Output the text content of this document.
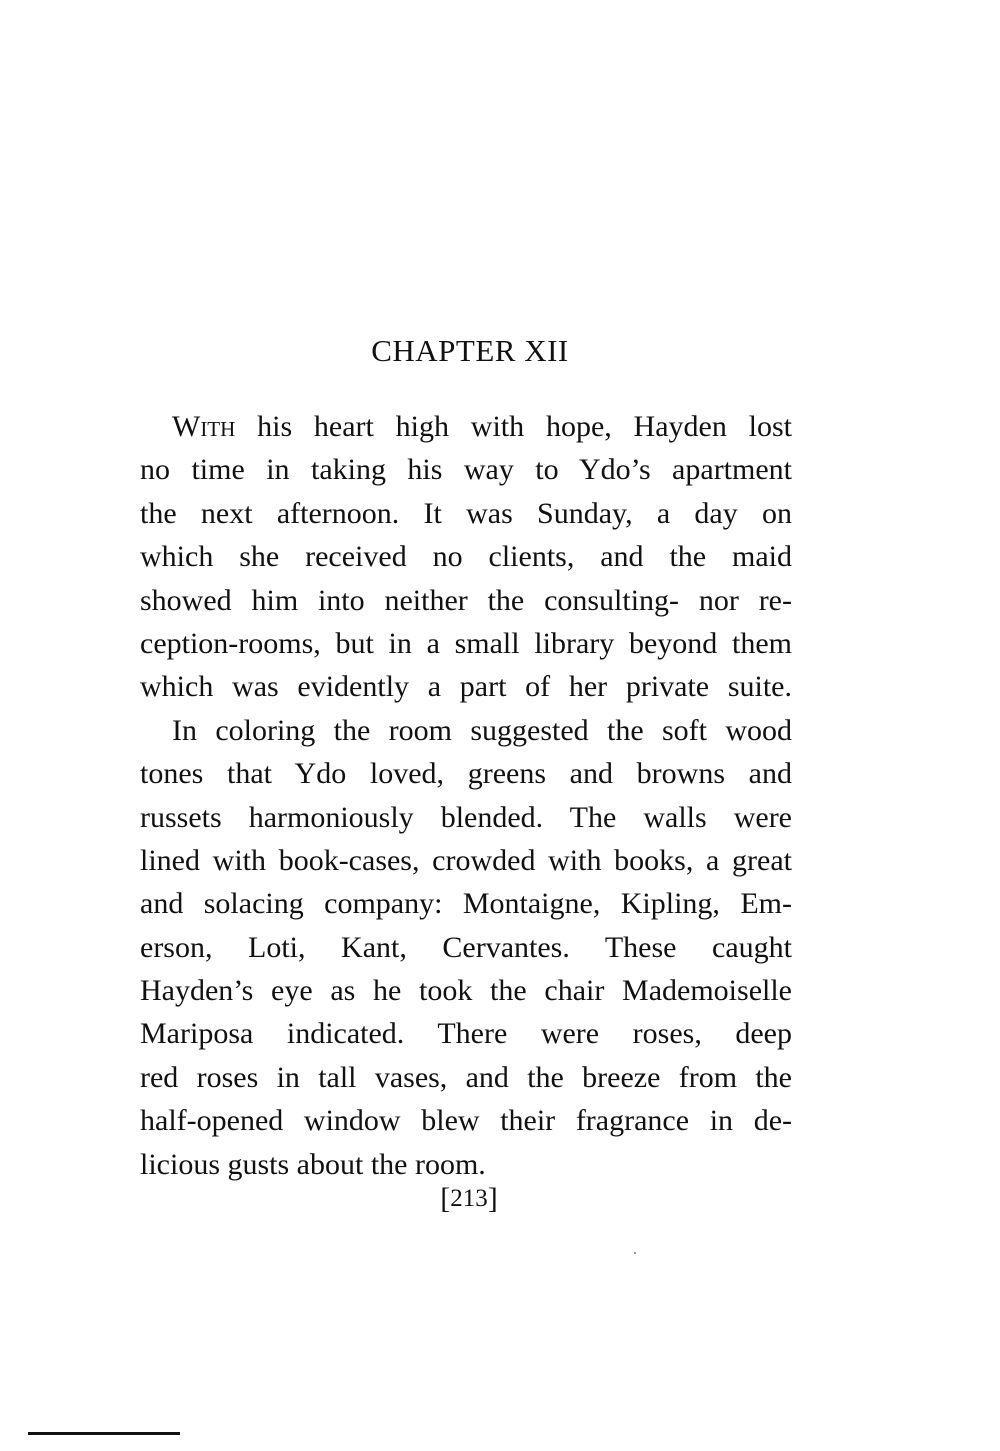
CHAPTER XII
With his heart high with hope, Hayden lost
no time in taking his way to Ydo’s apartment
the next afternoon. It was Sunday, a day on
which she received no clients, and the maid
showed him into neither the consulting- nor re-
ception-rooms, but in a small library beyond them
which was evidently a part of her private suite.
In coloring the room suggested the soft wood
tones that Ydo loved, greens and browns and
russets harmoniously blended. The walls were
lined with book-cases, crowded with books, a great
and solacing company: Montaigne, Kipling, Em-
erson, Loti, Kant, Cervantes. These caught
Hayden’s eye as he took the chair Mademoiselle
Mariposa indicated. There were roses, deep
red roses in tall vases, and the breeze from the
half-opened window blew their fragrance in de-
licious gusts about the room.

[213]
